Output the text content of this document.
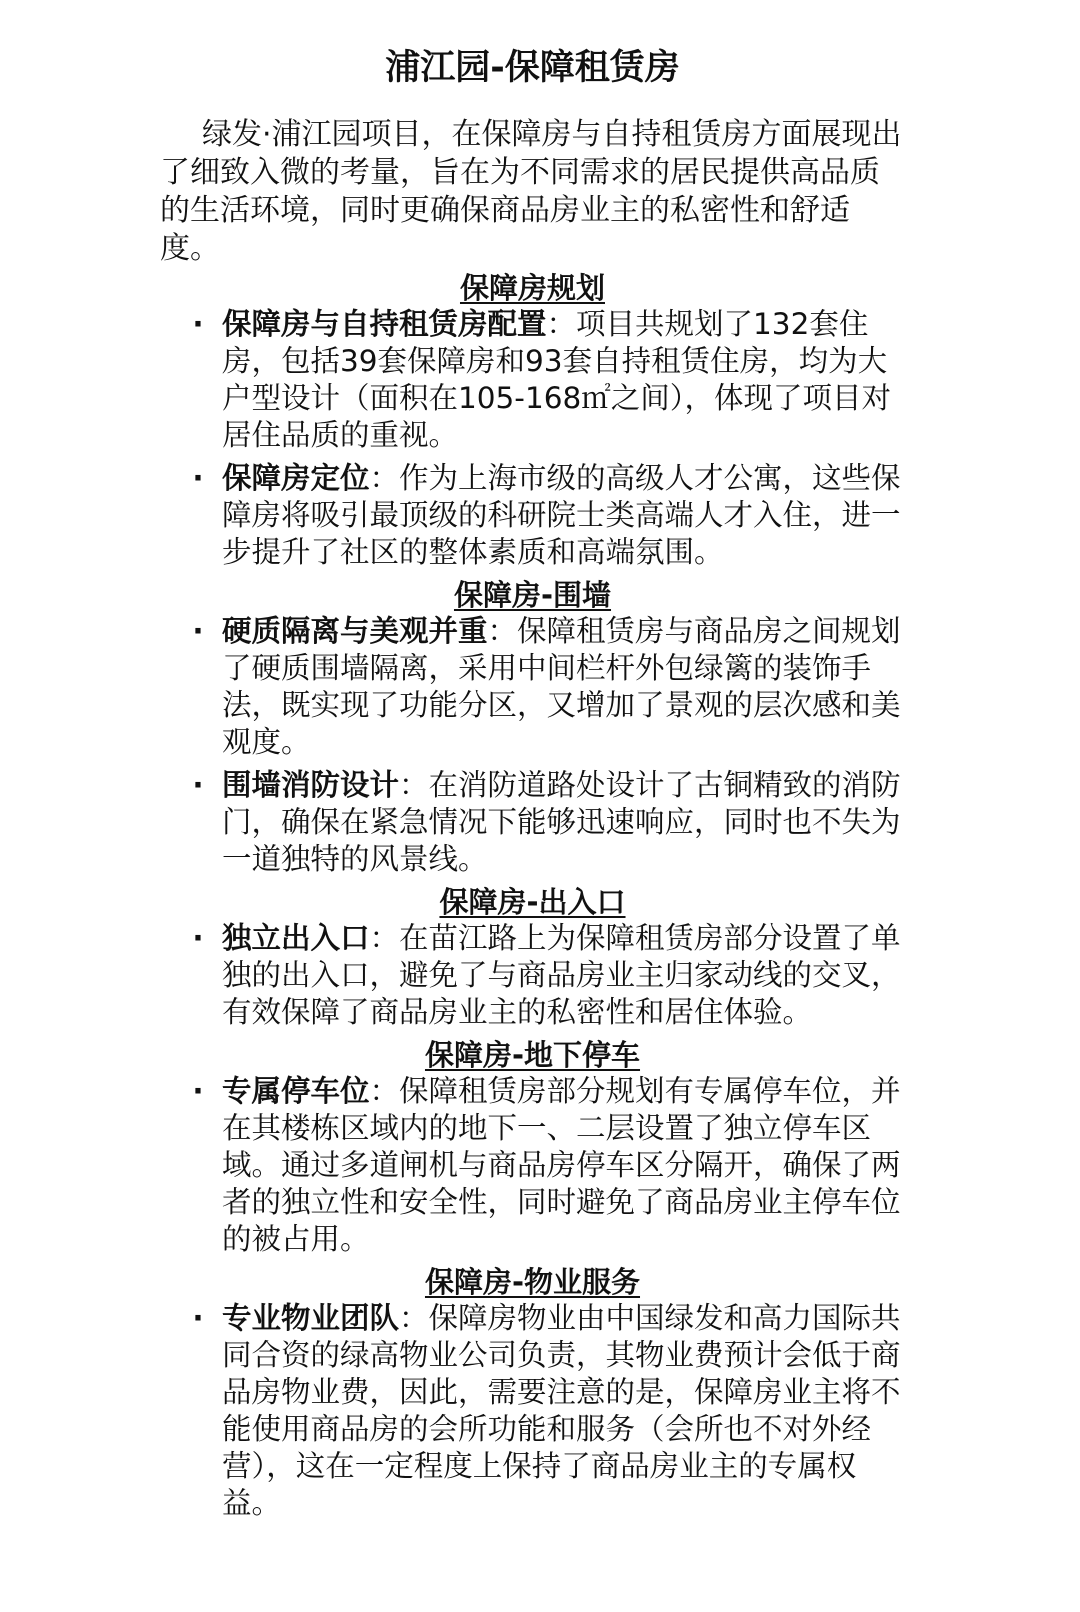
浦江园-保障租赁房

绿发·浦江园项目，在保障房与自持租赁房方面展现出了细致入微的考量，旨在为不同需求的居民提供高品质的生活环境，同时更确保商品房业主的私密性和舒适度。

保障房规划
· 保障房与自持租赁房配置：项目共规划了132套住房，包括39套保障房和93套自持租赁住房，均为大户型设计（面积在105-168㎡之间），体现了项目对居住品质的重视。
· 保障房定位：作为上海市级的高级人才公寓，这些保障房将吸引最顶级的科研院士类高端人才入住，进一步提升了社区的整体素质和高端氛围。
保障房-围墙
· 硬质隔离与美观并重：保障租赁房与商品房之间规划了硬质围墙隔离，采用中间栏杆外包绿篱的装饰手法，既实现了功能分区，又增加了景观的层次感和美观度。
· 围墙消防设计：在消防道路处设计了古铜精致的消防门，确保在紧急情况下能够迅速响应，同时也不失为一道独特的风景线。
保障房-出入口
· 独立出入口：在苗江路上为保障租赁房部分设置了单独的出入口，避免了与商品房业主归家动线的交叉，有效保障了商品房业主的私密性和居住体验。
保障房-地下停车
· 专属停车位：保障租赁房部分规划有专属停车位，并在其楼栋区域内的地下一、二层设置了独立停车区域。通过多道闸机与商品房停车区分隔开，确保了两者的独立性和安全性，同时避免了商品房业主停车位的被占用。
保障房-物业服务
· 专业物业团队：保障房物业由中国绿发和高力国际共同合资的绿高物业公司负责，其物业费预计会低于商品房物业费，因此，需要注意的是，保障房业主将不能使用商品房的会所功能和服务（会所也不对外经营），这在一定程度上保持了商品房业主的专属权益。
